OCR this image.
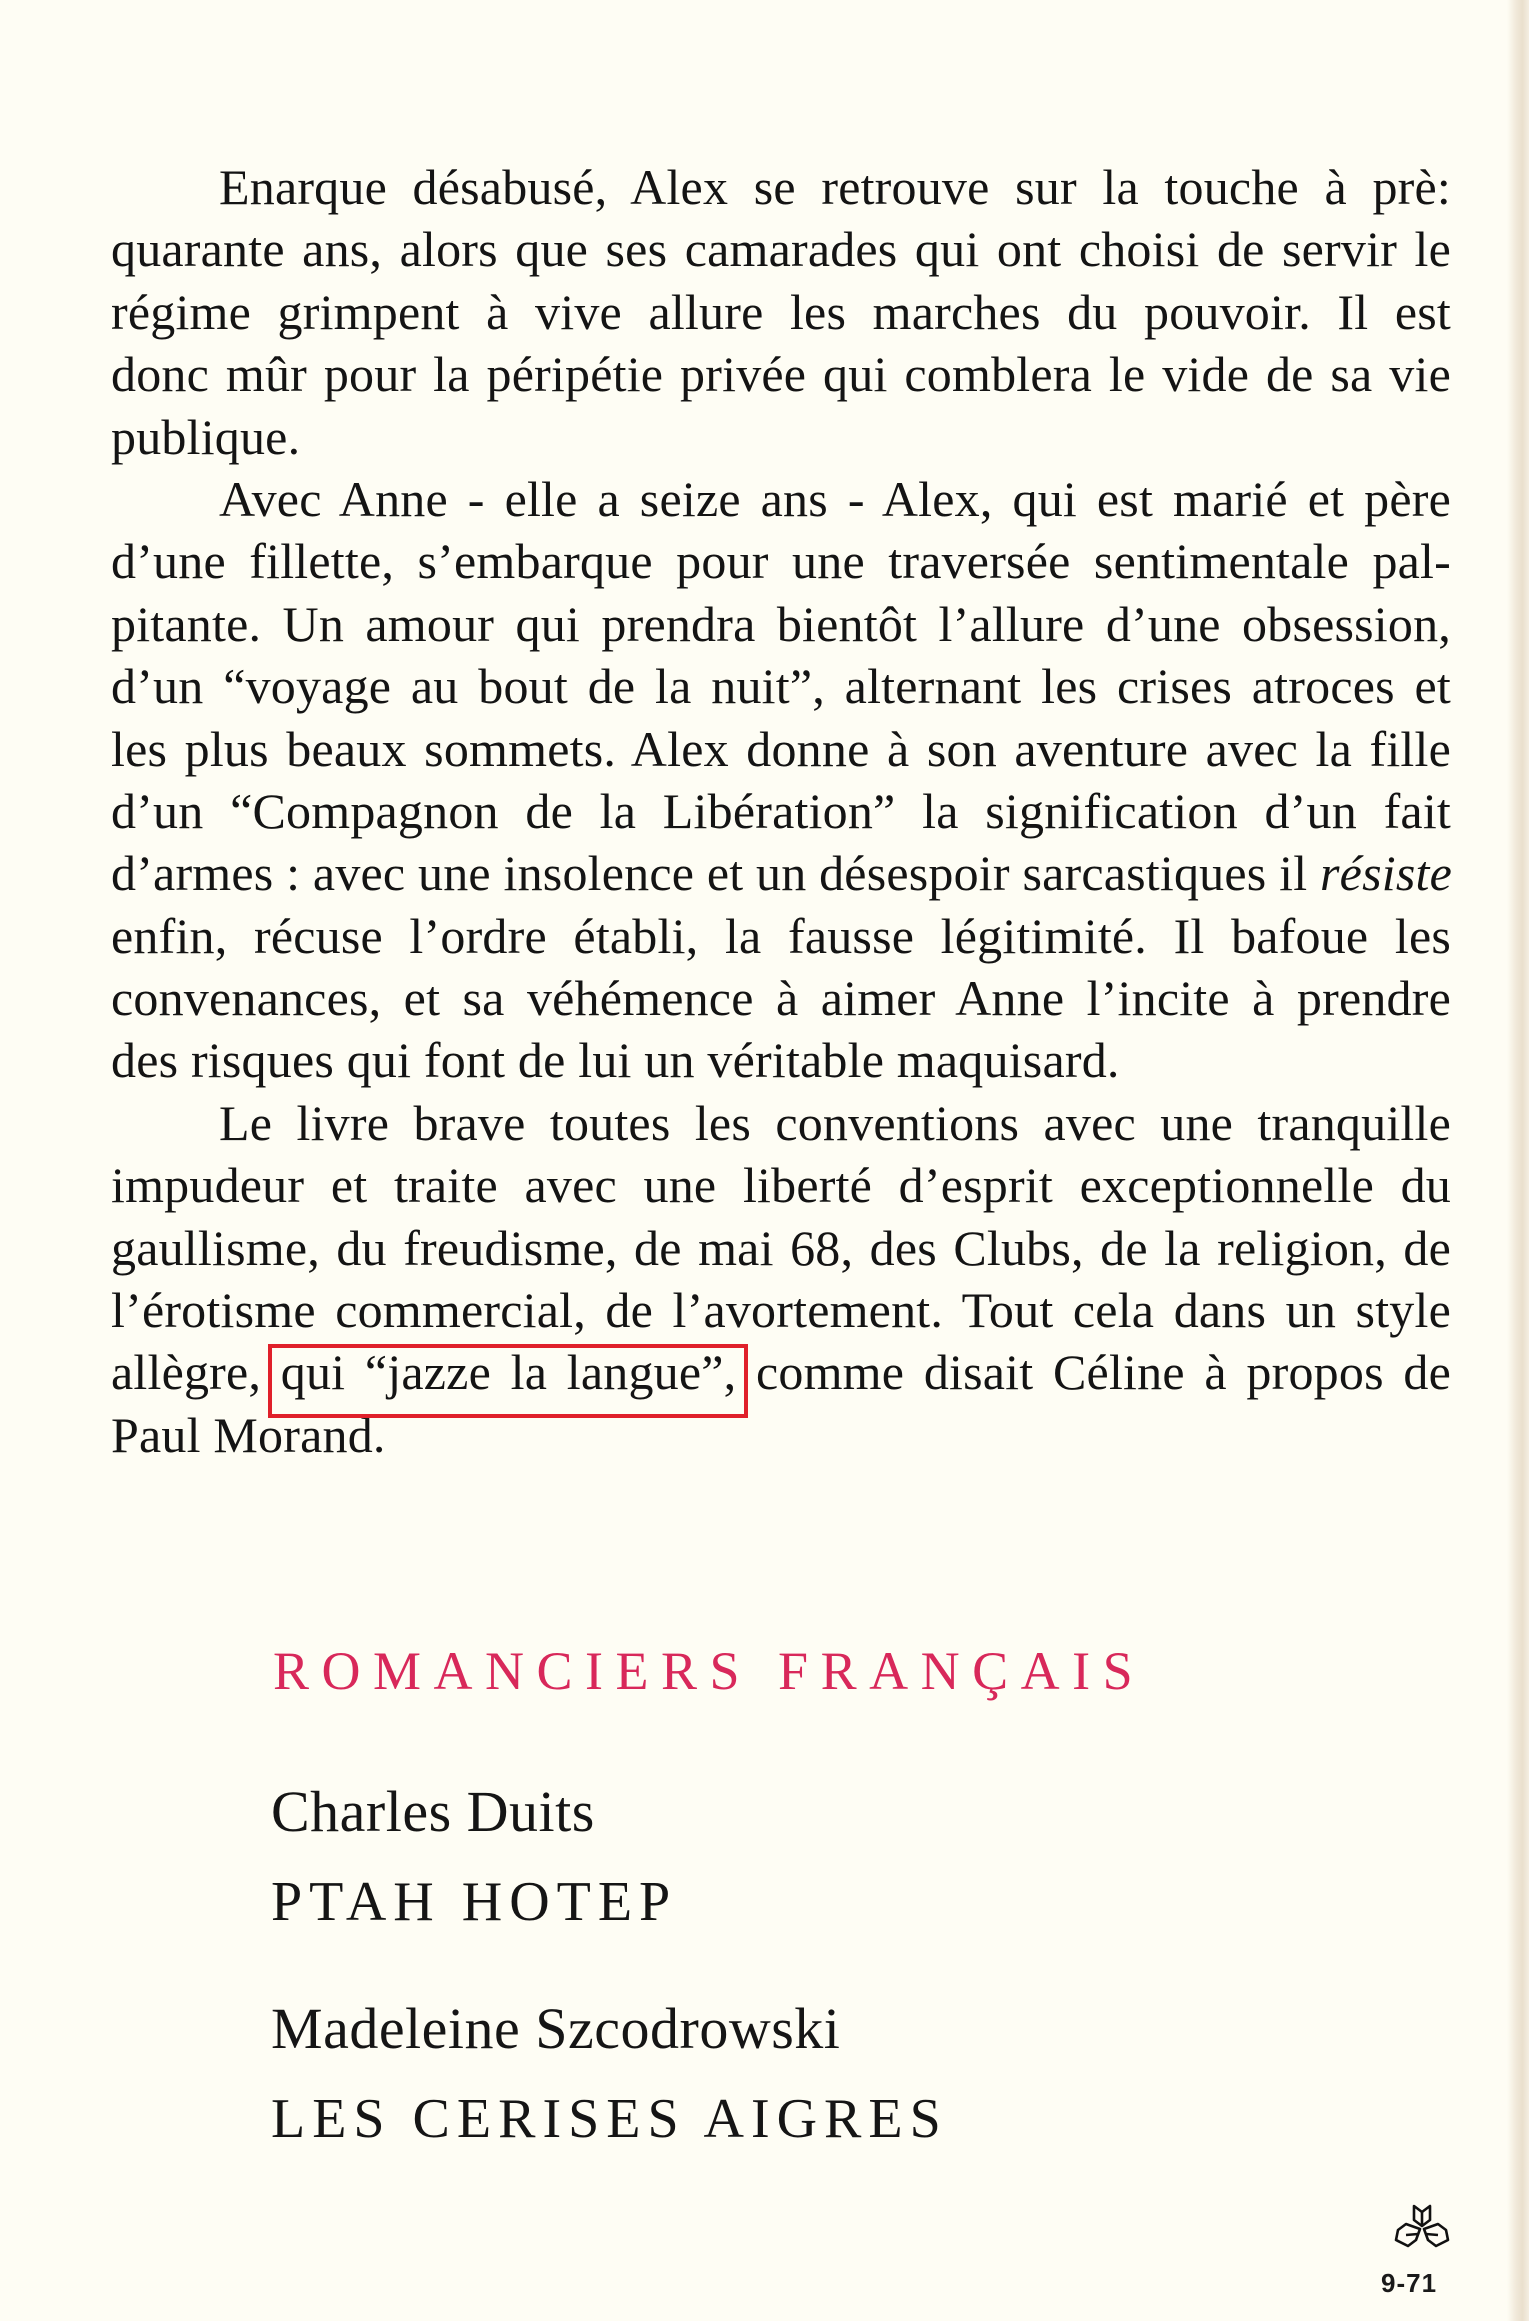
Enarque désabusé, Alex se retrouve sur la touche à prè:
quarante ans, alors que ses camarades qui ont choisi de servir le
régime grimpent à vive allure les marches du pouvoir. Il est
donc mûr pour la péripétie privée qui comblera le vide de sa vie
publique.
Avec Anne - elle a seize ans - Alex, qui est marié et père
d’une fillette, s’embarque pour une traversée sentimentale pal-
pitante. Un amour qui prendra bientôt l’allure d’une obsession,
d’un “voyage au bout de la nuit”, alternant les crises atroces et
les plus beaux sommets. Alex donne à son aventure avec la fille
d’un “Compagnon de la Libération” la signification d’un fait
d’armes : avec une insolence et un désespoir sarcastiques il résiste
enfin, récuse l’ordre établi, la fausse légitimité. Il bafoue les
convenances, et sa véhémence à aimer Anne l’incite à prendre
des risques qui font de lui un véritable maquisard.
Le livre brave toutes les conventions avec une tranquille
impudeur et traite avec une liberté d’esprit exceptionnelle du
gaullisme, du freudisme, de mai 68, des Clubs, de la religion, de
l’érotisme commercial, de l’avortement. Tout cela dans un style
allègre, qui “jazze la langue”, comme disait Céline à propos de
Paul Morand.
ROMANCIERS FRANÇAIS
Charles Duits
PTAH HOTEP
Madeleine Szcodrowski
LES CERISES AIGRES
9-71
